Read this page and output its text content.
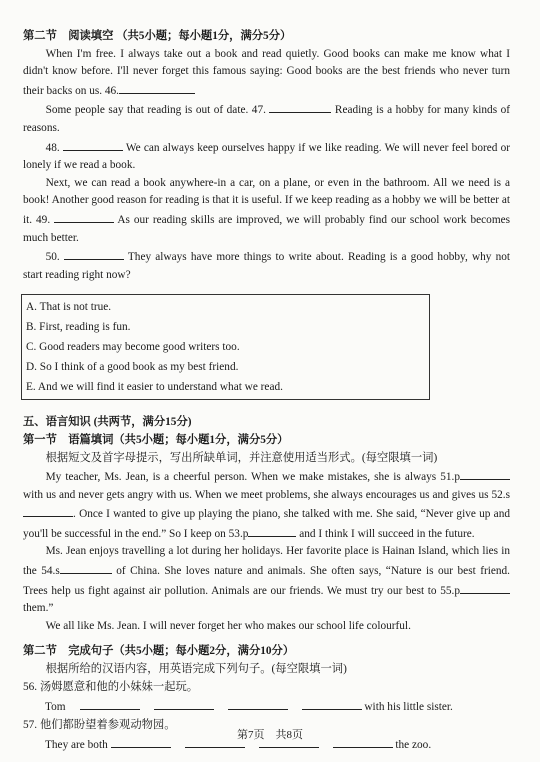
第二节　阅读填空 （共5小题；每小题1分，满分5分）

When I'm free. I always take out a book and read quietly. Good books can make me know what I didn't know before. I'll never forget this famous saying: Good books are the best friends who never turn their backs on us. 46.

Some people say that reading is out of date. 47.	Reading is a hobby for many kinds of reasons.

48.	We can always keep ourselves happy if we like reading. We will never feel bored or lonely if we read a book.

Next, we can read a book anywhere-in a car, on a plane, or even in the bathroom. All we need is a book! Another good reason for reading is that it is useful. If we keep reading as a hobby we will be better at it. 49.	As our reading skills are improved, we will probably find our school work becomes much better.

50.	They always have more things to write about. Reading is a good hobby, why not start reading right now?

A. That is not true.

B. First, reading is fun.

C. Good readers may become good writers too.

D. So I think of a good book as my best friend.

E. And we will find it easier to understand what we read.

五、语言知识 (共两节，满分15分)

第一节　语篇填词（共5小题；每小题1分，满分5分）

根据短文及首字母提示，写出所缺单词，并注意使用适当形式。(每空限填一词)

My teacher, Ms. Jean, is a cheerful person. When we make mistakes, she is always 51.p with us and never gets angry with us. When we meet problems, she always encourages us and gives us 52.s. Once I wanted to give up playing the piano, she talked with me. She said, “Never give up and you'll be successful in the end.” So I keep on 53.p	and I think I will succeed in the future.

Ms. Jean enjoys travelling a lot during her holidays. Her favorite place is Hainan Island, which lies in the 54.s	of China. She loves nature and animals. She often says, “Nature is our best friend. Trees help us fight against air pollution. Animals are our friends. We must try our best to 55.p them.”

We all like Ms. Jean. I will never forget her who makes our school life colourful.

第二节　完成句子（共5小题；每小题2分，满分10分）

根据所给的汉语内容，用英语完成下列句子。(每空限填一词)

56. 汤姆愿意和他的小妹妹一起玩。

Tom	with his little sister.

57. 他们都盼望着参观动物园。

They are both	the zoo.

第7页　共8页
